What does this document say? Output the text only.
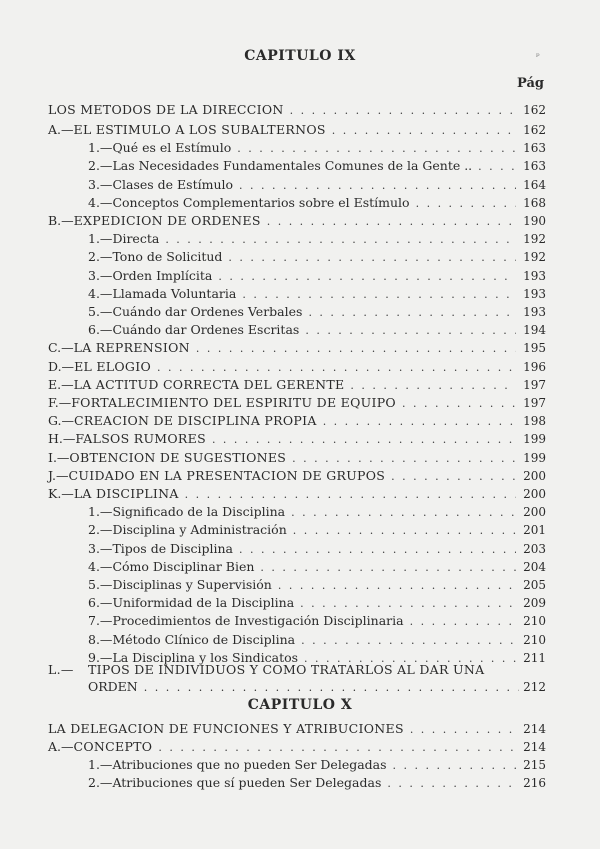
CAPITULO IX	ᵖ
Pág
LOS METODOS DE LA DIRECCION . . .	162
A.— EL ESTIMULO A LOS SUBALTERNOS . . .	162
1.— Qué es el Estímulo . . .	163
2.— Las Necesidades Fundamentales Comunes de la Gente .. . . .	163
3.— Clases de Estímulo . . .	164
4.— Conceptos Complementarios sobre el Estímulo . . .	168
B.— EXPEDICION DE ORDENES . . .	190
1.— Directa . . .	192
2.— Tono de Solicitud . . .	192
3.— Orden Implícita . . .	193
4.— Llamada Voluntaria . . .	193
5.— Cuándo dar Ordenes Verbales . . .	193
6.— Cuándo dar Ordenes Escritas . . .	194
C.— LA REPRENSION . . .	195
D.— EL ELOGIO . . .	196
E.— LA ACTITUD CORRECTA DEL GERENTE . . .	197
F.— FORTALECIMIENTO DEL ESPIRITU DE EQUIPO . . .	197
G.— CREACION DE DISCIPLINA PROPIA . . .	198
H.— FALSOS RUMORES . . .	199
I.— OBTENCION DE SUGESTIONES . . .	199
J.— CUIDADO EN LA PRESENTACION DE GRUPOS . . .	200
K.— LA DISCIPLINA . . .	200
1.— Significado de la Disciplina . . .	200
2.— Disciplina y Administración . . .	201
3.— Tipos de Disciplina . . .	203
4.— Cómo Disciplinar Bien . . .	204
5.— Disciplinas y Supervisión . . .	205
6.— Uniformidad de la Disciplina . . .	209
7.— Procedimientos de Investigación Disciplinaria . . .	210
8.— Método Clínico de Disciplina . . .	210
9.— La Disciplina y los Sindicatos . . .	211
L.— TIPOS DE INDIVIDUOS Y COMO TRATARLOS AL DAR UNA
ORDEN . . .	212
CAPITULO X
LA DELEGACION DE FUNCIONES Y ATRIBUCIONES . . .	214
A.— CONCEPTO . . .	214
1.— Atribuciones que no pueden Ser Delegadas . . .	215
2.— Atribuciones que sí pueden Ser Delegadas . . .	216
